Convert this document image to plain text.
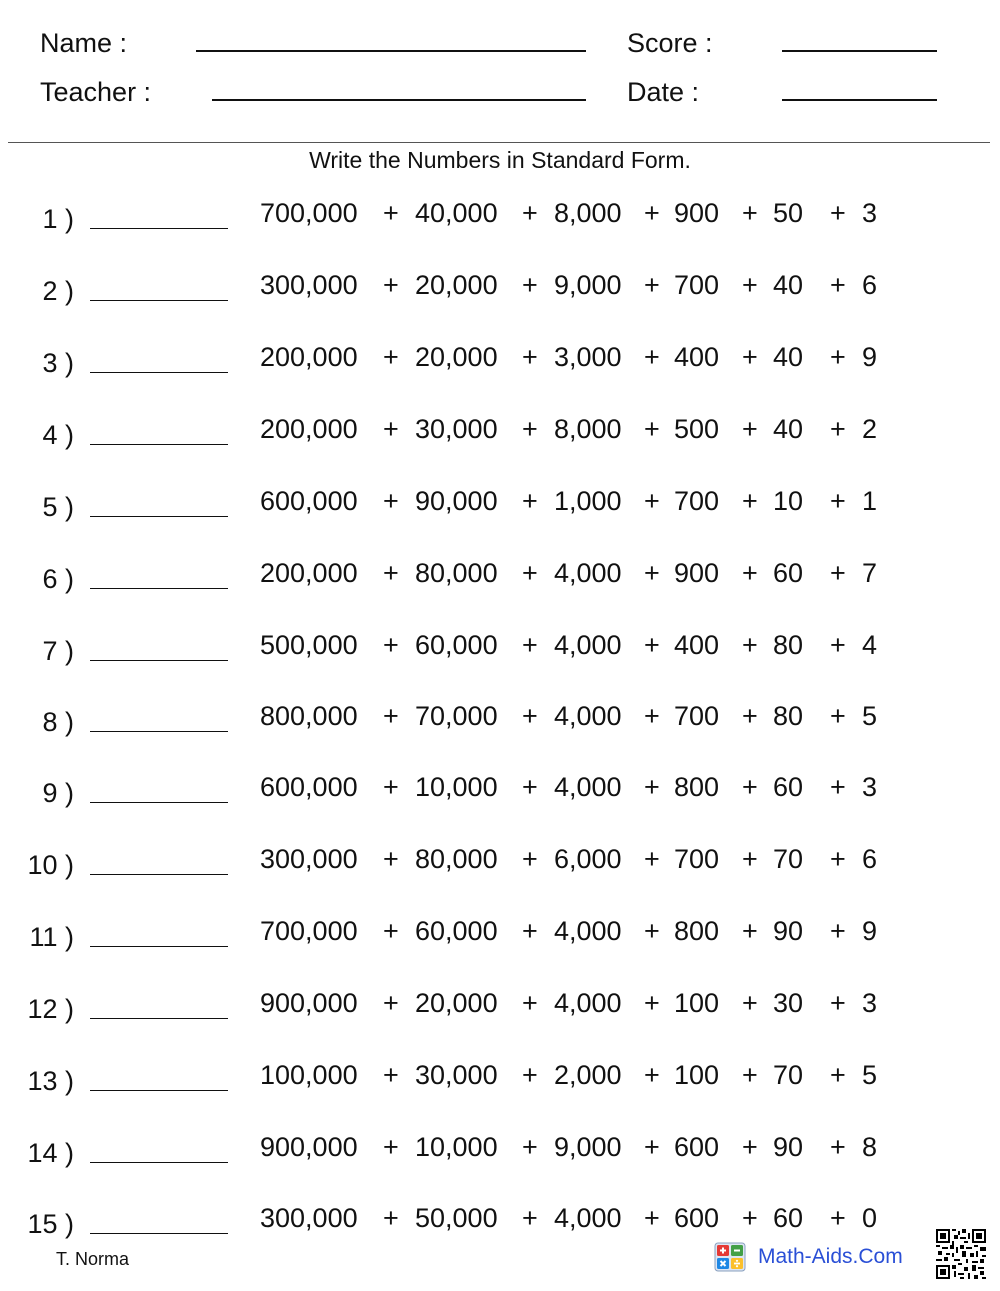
Name :	Score :
Teacher :	Date :
Write the Numbers in Standard Form.
1 )	700,000 + 40,000 + 8,000 + 900 + 50 + 3
2 )	300,000 + 20,000 + 9,000 + 700 + 40 + 6
3 )	200,000 + 20,000 + 3,000 + 400 + 40 + 9
4 )	200,000 + 30,000 + 8,000 + 500 + 40 + 2
5 )	600,000 + 90,000 + 1,000 + 700 + 10 + 1
6 )	200,000 + 80,000 + 4,000 + 900 + 60 + 7
7 )	500,000 + 60,000 + 4,000 + 400 + 80 + 4
8 )	800,000 + 70,000 + 4,000 + 700 + 80 + 5
9 )	600,000 + 10,000 + 4,000 + 800 + 60 + 3
10 )	300,000 + 80,000 + 6,000 + 700 + 70 + 6
11 )	700,000 + 60,000 + 4,000 + 800 + 90 + 9
12 )	900,000 + 20,000 + 4,000 + 100 + 30 + 3
13 )	100,000 + 30,000 + 2,000 + 100 + 70 + 5
14 )	900,000 + 10,000 + 9,000 + 600 + 90 + 8
15 )	300,000 + 50,000 + 4,000 + 600 + 60 + 0
T. Norma	Math-Aids.Com
